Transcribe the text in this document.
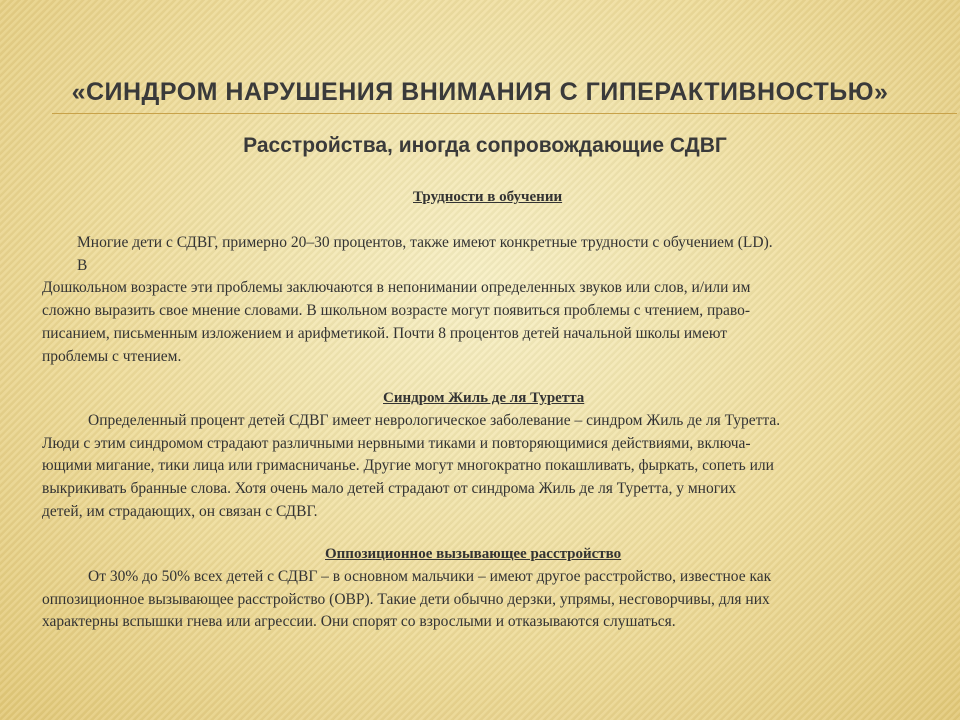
«СИНДРОМ НАРУШЕНИЯ ВНИМАНИЯ С ГИПЕРАКТИВНОСТЬЮ»
Расстройства, иногда сопровождающие СДВГ
Трудности в обучении
Многие дети с СДВГ, примерно 20–30 процентов, также имеют конкретные трудности с обучением (LD).
В
Дошкольном возрасте эти проблемы заключаются в непонимании определенных звуков или слов, и/или им
сложно выразить свое мнение словами. В школьном возрасте могут появиться проблемы с чтением, право-
писанием, письменным изложением и арифметикой. Почти 8 процентов детей начальной школы имеют
проблемы с чтением.
Синдром Жиль де ля Туретта
Определенный процент детей СДВГ имеет неврологическое заболевание – синдром Жиль де ля Туретта.
Люди с этим синдромом страдают различными нервными тиками и повторяющимися действиями, включа-
ющими мигание, тики лица или гримасничанье. Другие могут многократно покашливать, фыркать, сопеть или
выкрикивать бранные слова. Хотя очень мало детей страдают от синдрома Жиль де ля Туретта, у многих
детей, им страдающих, он связан с СДВГ.
Оппозиционное вызывающее расстройство
От 30% до 50% всех детей с СДВГ – в основном мальчики – имеют другое расстройство, известное как
оппозиционное вызывающее расстройство (ОВР). Такие дети обычно дерзки, упрямы, несговорчивы, для них
характерны вспышки гнева или агрессии. Они спорят со взрослыми и отказываются слушаться.
